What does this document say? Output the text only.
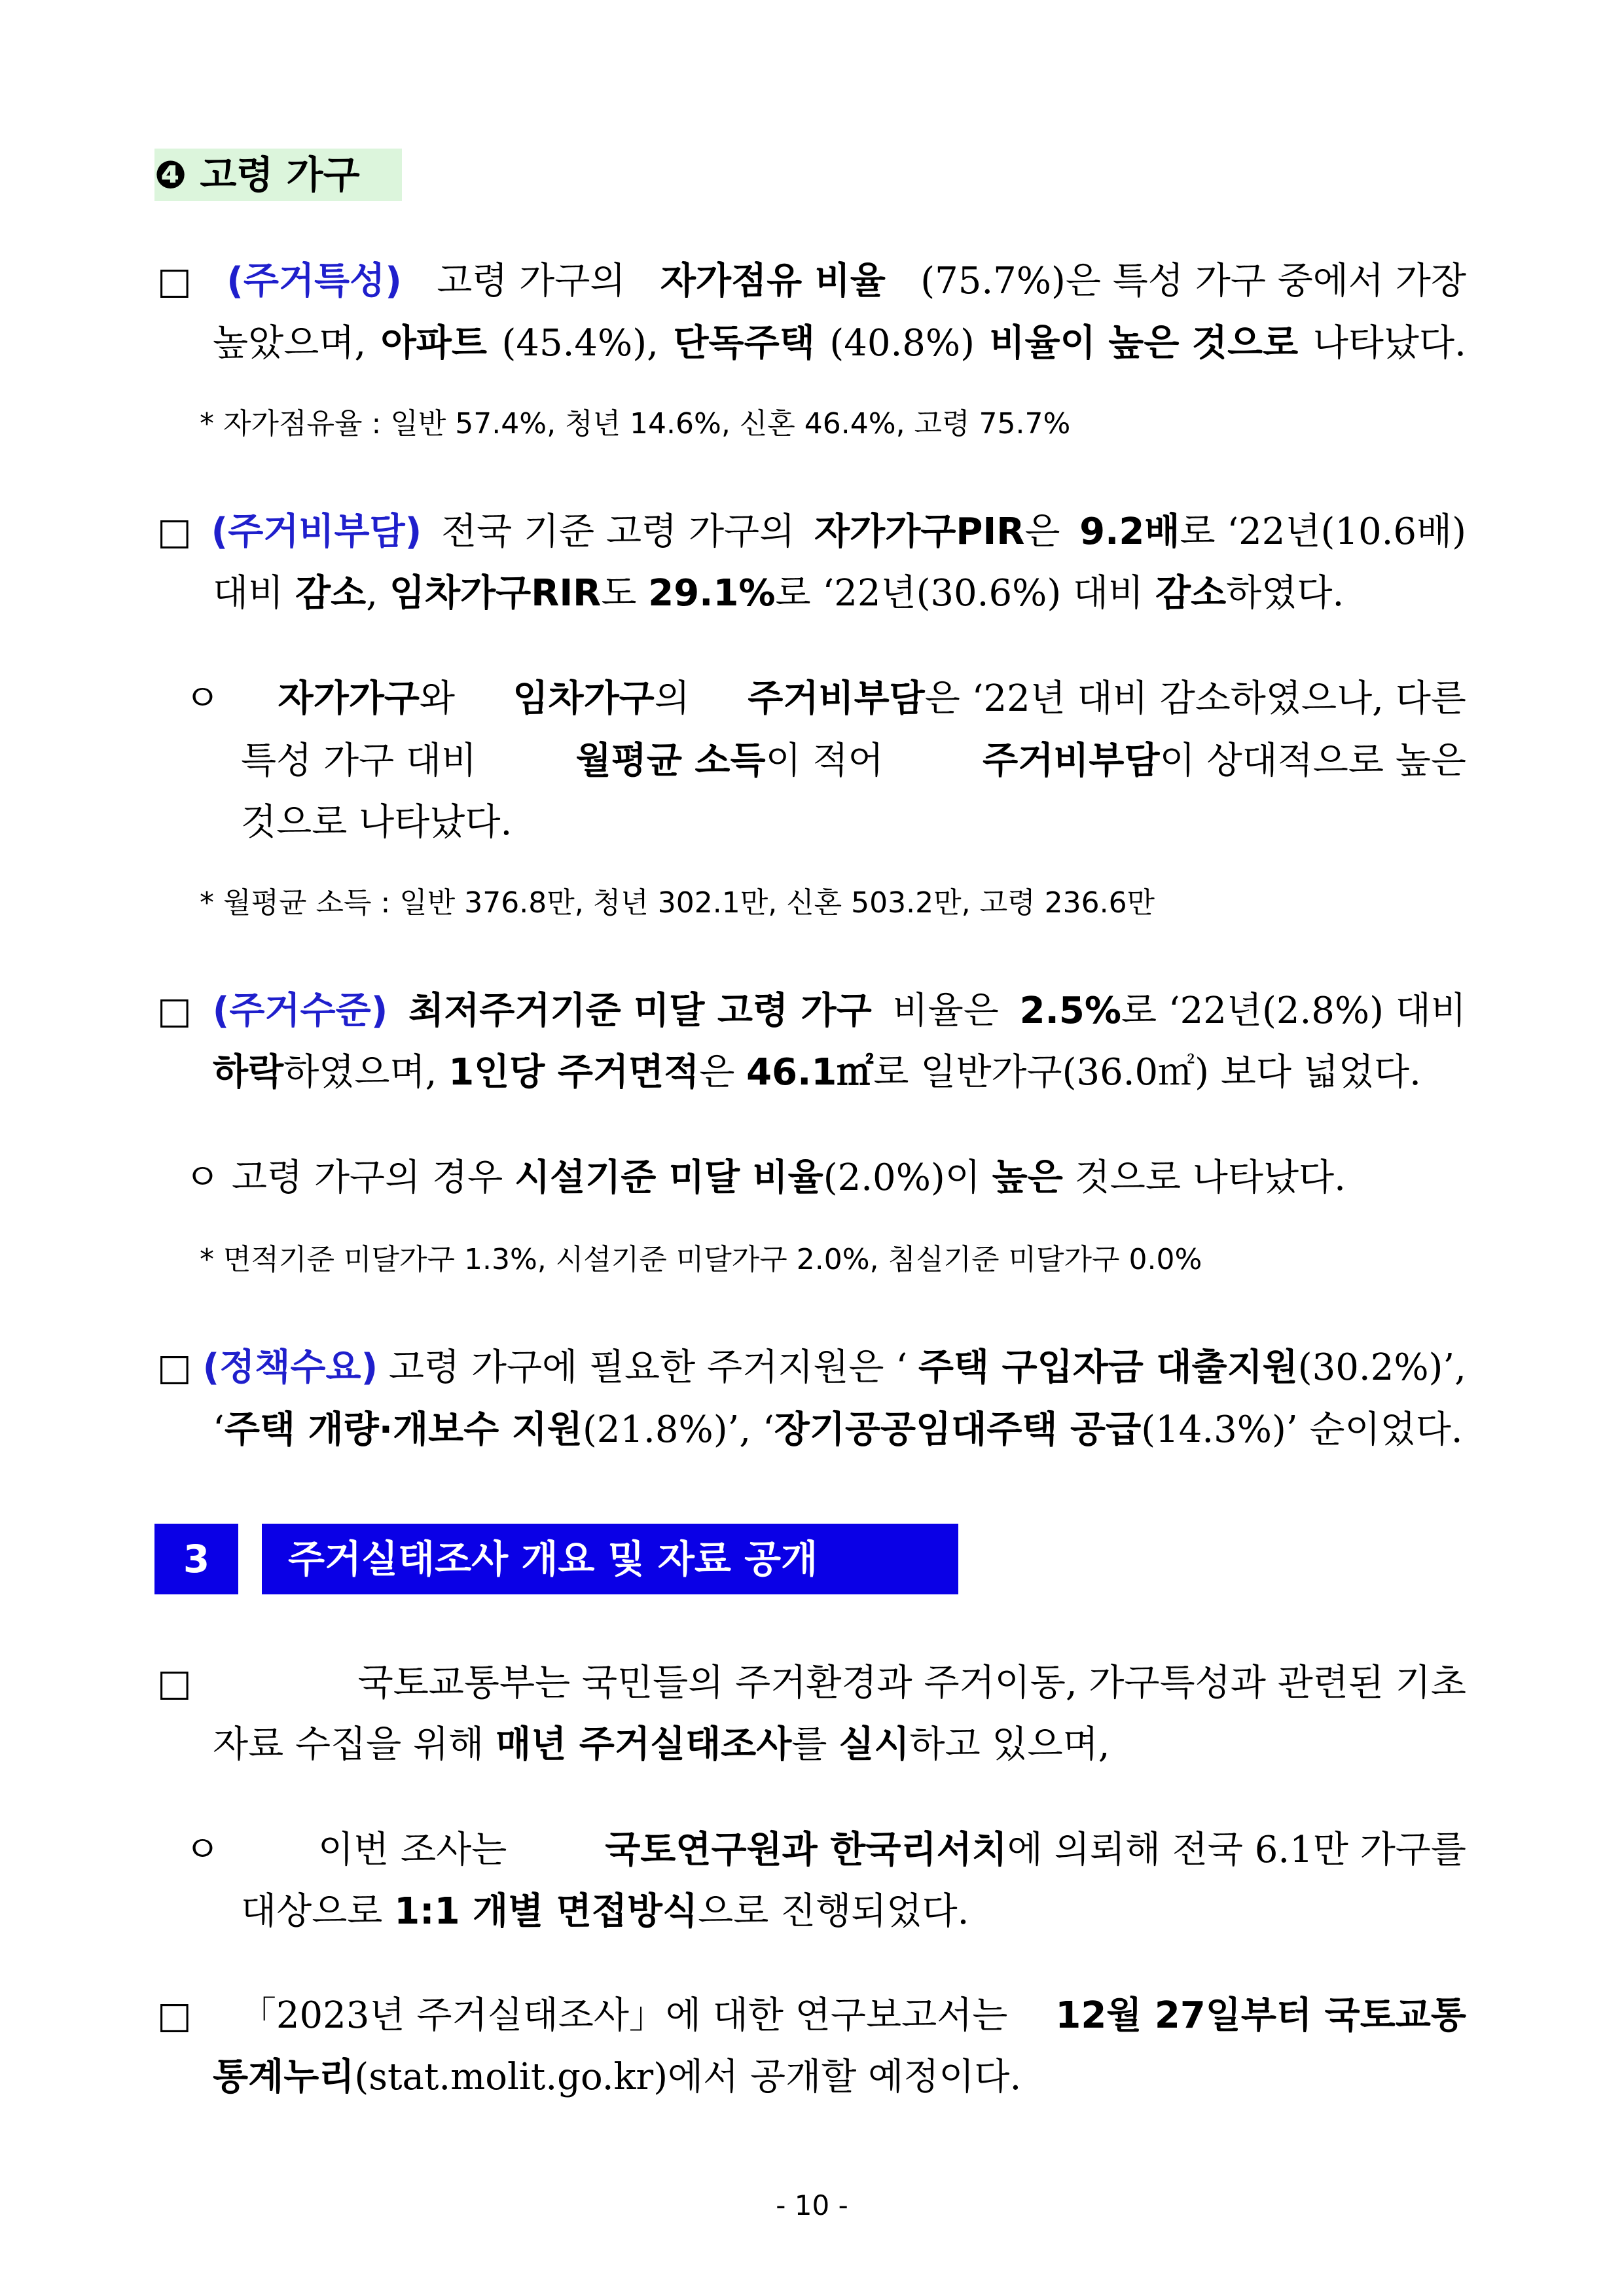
❹ 고령 가구
□ (주거특성) 고령 가구의 자가점유 비율 (75.7%)은 특성 가구 중에서 가장
높았으며, 아파트 (45.4%), 단독주택 (40.8%) 비율이 높은 것으로 나타났다.
* 자가점유율 : 일반 57.4%, 청년 14.6%, 신혼 46.4%, 고령 75.7%
□ (주거비부담) 전국 기준 고령 가구의 자가가구PIR은 9.2배로 ‘22년(10.6배)
대비 감소, 임차가구RIR도 29.1%로 ‘22년(30.6%) 대비 감소하였다.
ㅇ 자가가구와 임차가구의 주거비부담은 ‘22년 대비 감소하였으나, 다른
특성 가구 대비	월평균 소득이 적어	주거비부담이 상대적으로 높은
것으로 나타났다.
* 월평균 소득 : 일반 376.8만, 청년 302.1만, 신혼 503.2만, 고령 236.6만
□ (주거수준) 최저주거기준 미달 고령 가구 비율은 2.5%로 ‘22년(2.8%) 대비
하락하였으며, 1인당 주거면적은 46.1㎡로 일반가구(36.0㎡) 보다 넓었다.
ㅇ 고령 가구의 경우 시설기준 미달 비율(2.0%)이 높은 것으로 나타났다.
* 면적기준 미달가구 1.3%, 시설기준 미달가구 2.0%, 침실기준 미달가구 0.0%
□ (정책수요) 고령 가구에 필요한 주거지원은 ‘ 주택 구입자금 대출지원(30.2%)’,
‘주택 개량·개보수 지원(21.8%)’, ‘장기공공임대주택 공급(14.3%)’ 순이었다.
3	주거실태조사 개요 및 자료 공개
□	국토교통부는 국민들의 주거환경과 주거이동, 가구특성과 관련된 기초
자료 수집을 위해 매년 주거실태조사를 실시하고 있으며,
ㅇ	이번 조사는	국토연구원과 한국리서치에 의뢰해 전국 6.1만 가구를
대상으로 1:1 개별 면접방식으로 진행되었다.
□ 「2023년 주거실태조사」에 대한 연구보고서는 12월 27일부터 국토교통
통계누리(stat.molit.go.kr)에서 공개할 예정이다.
- 10 -
